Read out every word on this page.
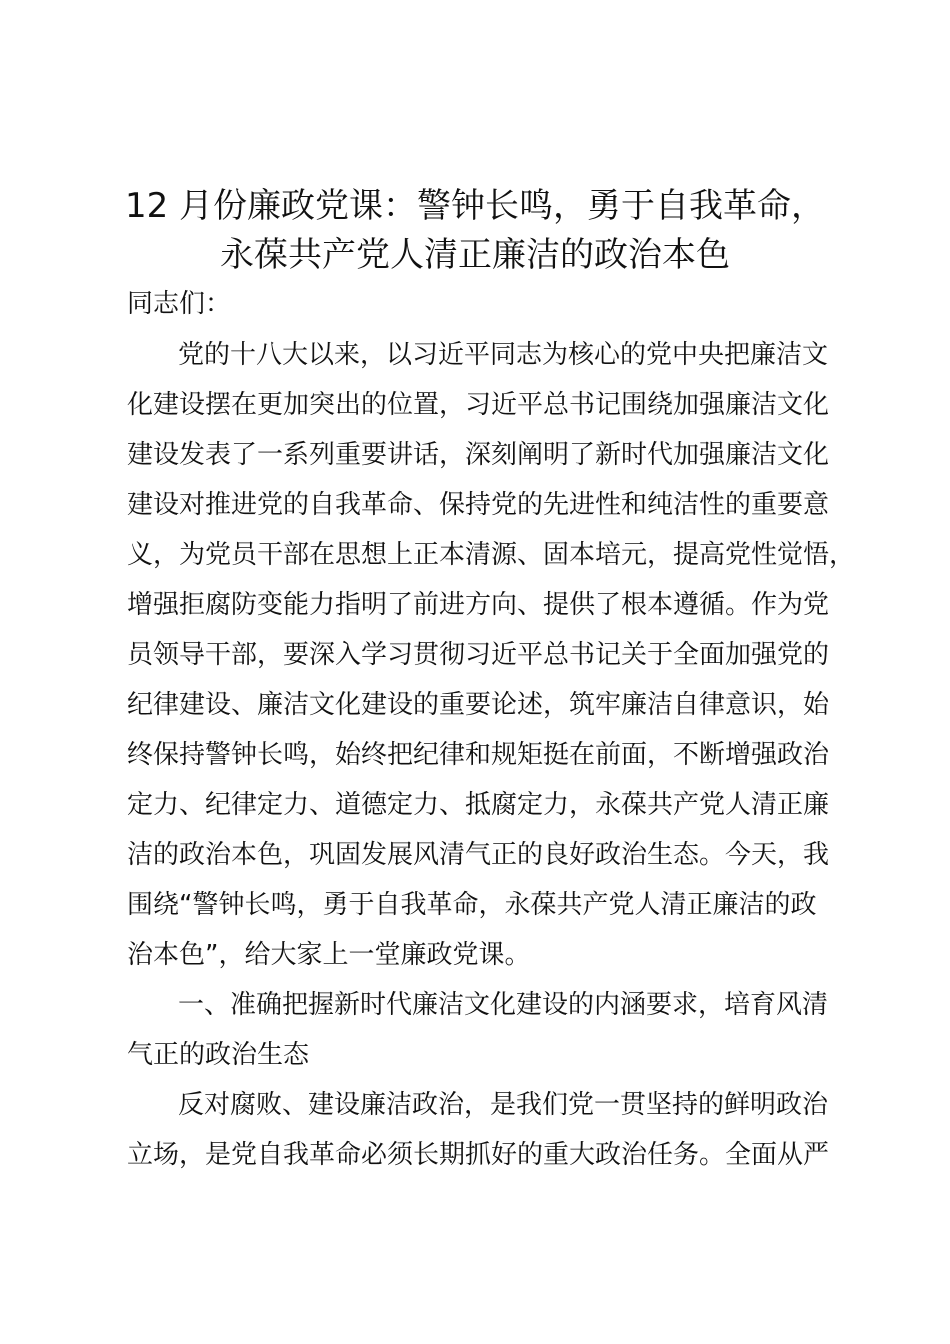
12 月份廉政党课：警钟长鸣，勇于自我革命，
永葆共产党人清正廉洁的政治本色

同志们：

党的十八大以来，以习近平同志为核心的党中央把廉洁文

化建设摆在更加突出的位置，习近平总书记围绕加强廉洁文化

建设发表了一系列重要讲话，深刻阐明了新时代加强廉洁文化

建设对推进党的自我革命、保持党的先进性和纯洁性的重要意

义，为党员干部在思想上正本清源、固本培元，提高党性觉悟，

增强拒腐防变能力指明了前进方向、提供了根本遵循。作为党

员领导干部，要深入学习贯彻习近平总书记关于全面加强党的

纪律建设、廉洁文化建设的重要论述，筑牢廉洁自律意识，始

终保持警钟长鸣，始终把纪律和规矩挺在前面，不断增强政治

定力、纪律定力、道德定力、抵腐定力，永葆共产党人清正廉

洁的政治本色，巩固发展风清气正的良好政治生态。今天，我

围绕“警钟长鸣，勇于自我革命，永葆共产党人清正廉洁的政

治本色”，给大家上一堂廉政党课。

一、准确把握新时代廉洁文化建设的内涵要求，培育风清

气正的政治生态

反对腐败、建设廉洁政治，是我们党一贯坚持的鲜明政治

立场，是党自我革命必须长期抓好的重大政治任务。全面从严
